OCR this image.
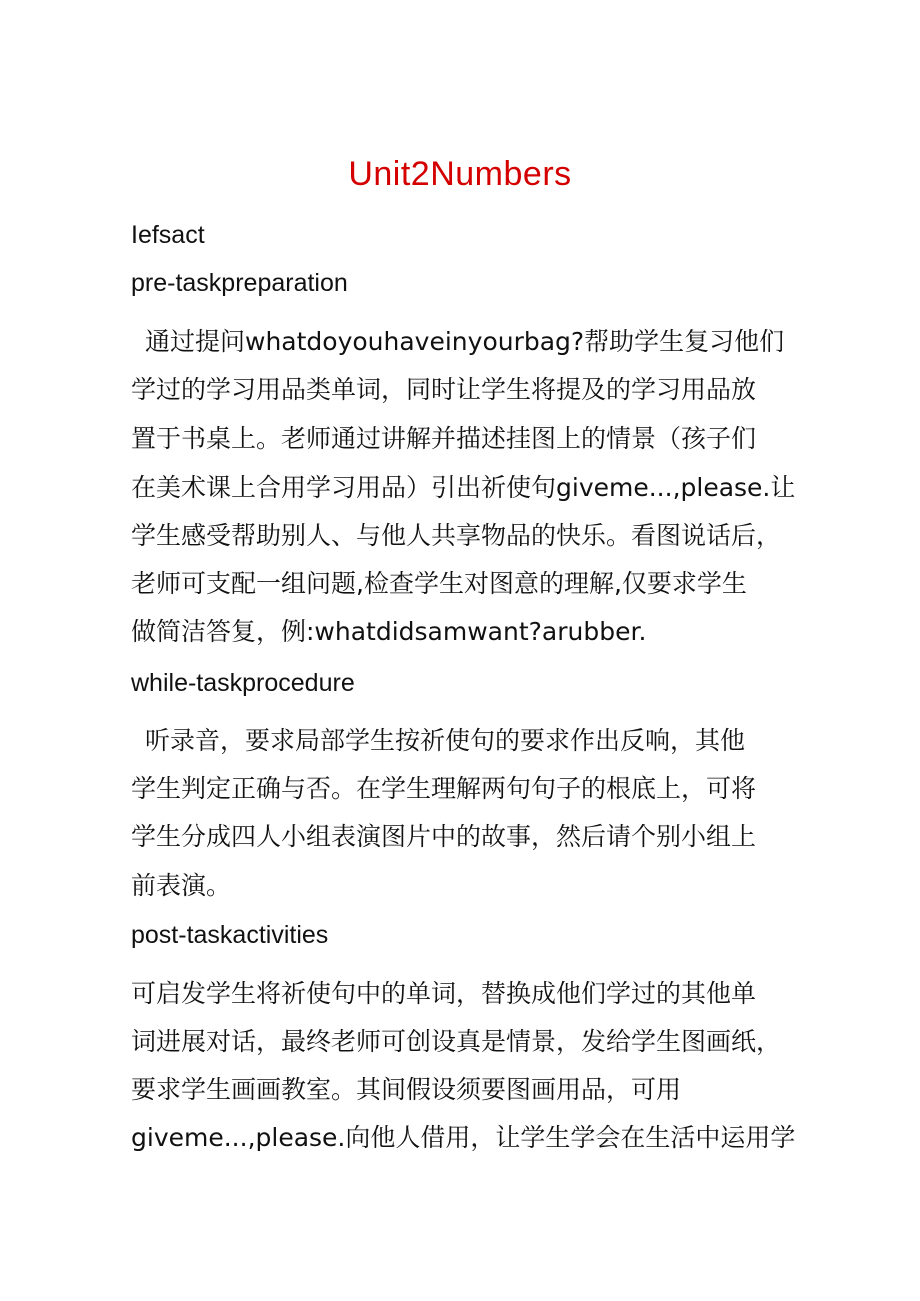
Unit2Numbers
Iefsact
pre-taskpreparation
通过提问whatdoyouhaveinyourbag?帮助学生复习他们
学过的学习用品类单词，同时让学生将提及的学习用品放
置于书桌上。老师通过讲解并描述挂图上的情景（孩子们
在美术课上合用学习用品）引出祈使句giveme...,please.让
学生感受帮助别人、与他人共享物品的快乐。看图说话后，
老师可支配一组问题,检查学生对图意的理解,仅要求学生
做简洁答复，例:whatdidsamwant?arubber.
while-taskprocedure
听录音，要求局部学生按祈使句的要求作出反响，其他
学生判定正确与否。在学生理解两句句子的根底上，可将
学生分成四人小组表演图片中的故事，然后请个别小组上
前表演。
post-taskactivities
可启发学生将祈使句中的单词，替换成他们学过的其他单
词进展对话，最终老师可创设真是情景，发给学生图画纸，
要求学生画画教室。其间假设须要图画用品，可用
giveme...,please.向他人借用，让学生学会在生活中运用学
